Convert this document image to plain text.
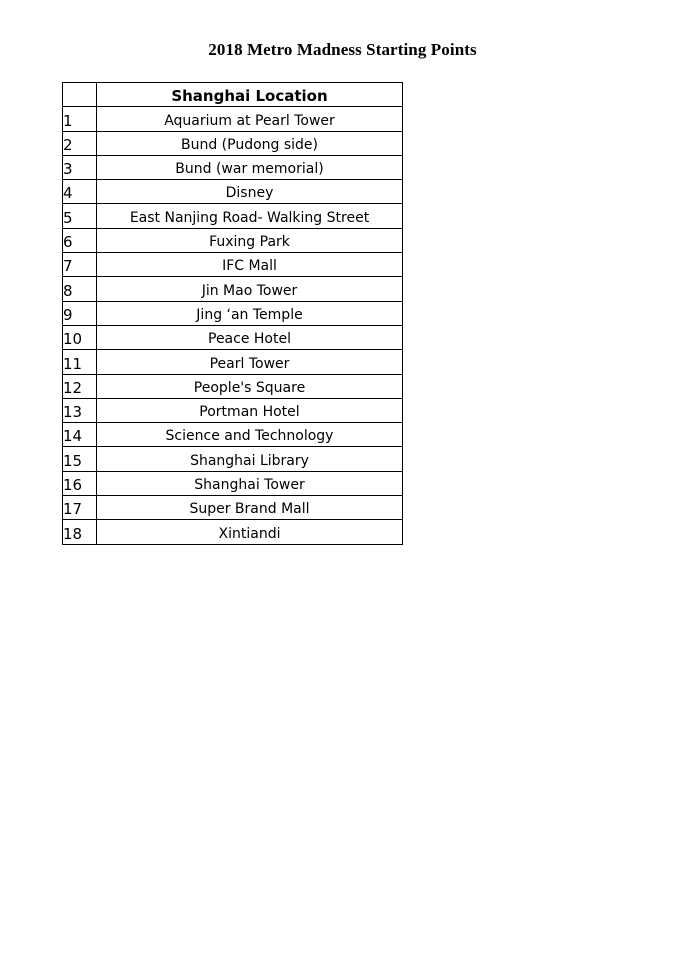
2018 Metro Madness Starting Points
	Shanghai Location
1	Aquarium at Pearl Tower
2	Bund (Pudong side)
3	Bund (war memorial)
4	Disney
5	East Nanjing Road- Walking Street
6	Fuxing Park
7	IFC Mall
8	Jin Mao Tower
9	Jing ‘an Temple
10	Peace Hotel
11	Pearl Tower
12	People's Square
13	Portman Hotel
14	Science and Technology
15	Shanghai Library
16	Shanghai Tower
17	Super Brand Mall
18	Xintiandi
